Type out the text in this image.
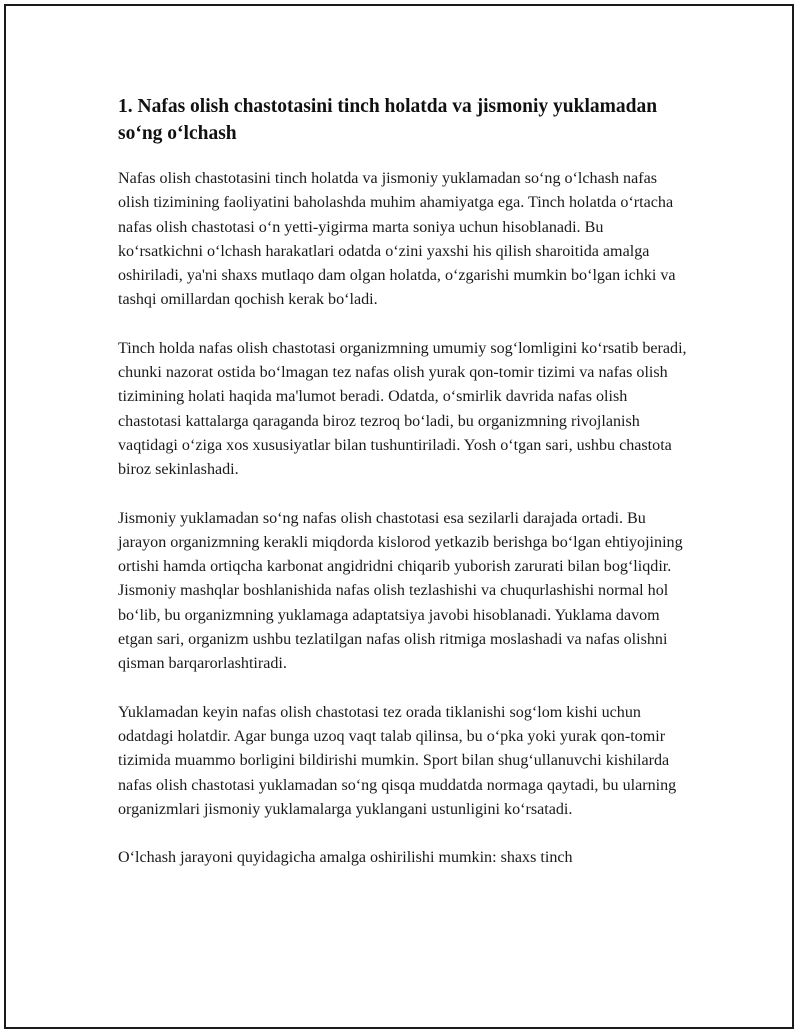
1. Nafas olish chastotasini tinch holatda va jismoniy yuklamadan soʻng oʻlchash

Nafas olish chastotasini tinch holatda va jismoniy yuklamadan soʻng oʻlchash nafas olish tizimining faoliyatini baholashda muhim ahamiyatga ega. Tinch holatda oʻrtacha nafas olish chastotasi oʻn yetti-yigirma marta soniya uchun hisoblanadi. Bu koʻrsatkichni oʻlchash harakatlari odatda oʻzini yaxshi his qilish sharoitida amalga oshiriladi, ya'ni shaxs mutlaqo dam olgan holatda, oʻzgarishi mumkin boʻlgan ichki va tashqi omillardan qochish kerak boʻladi.

Tinch holda nafas olish chastotasi organizmning umumiy sogʻlomligini koʻrsatib beradi, chunki nazorat ostida boʻlmagan tez nafas olish yurak qon-tomir tizimi va nafas olish tizimining holati haqida ma'lumot beradi. Odatda, oʻsmirlik davrida nafas olish chastotasi kattalarga qaraganda biroz tezroq boʻladi, bu organizmning rivojlanish vaqtidagi oʻziga xos xususiyatlar bilan tushuntiriladi. Yosh oʻtgan sari, ushbu chastota biroz sekinlashadi.

Jismoniy yuklamadan soʻng nafas olish chastotasi esa sezilarli darajada ortadi. Bu jarayon organizmning kerakli miqdorda kislorod yetkazib berishga boʻlgan ehtiyojining ortishi hamda ortiqcha karbonat angidridni chiqarib yuborish zarurati bilan bogʻliqdir. Jismoniy mashqlar boshlanishida nafas olish tezlashishi va chuqurlashishi normal hol boʻlib, bu organizmning yuklamaga adaptatsiya javobi hisoblanadi. Yuklama davom etgan sari, organizm ushbu tezlatilgan nafas olish ritmiga moslashadi va nafas olishni qisman barqarorlashtiradi.

Yuklamadan keyin nafas olish chastotasi tez orada tiklanishi sogʻlom kishi uchun odatdagi holatdir. Agar bunga uzoq vaqt talab qilinsa, bu oʻpka yoki yurak qon-tomir tizimida muammo borligini bildirishi mumkin. Sport bilan shugʻullanuvchi kishilarda nafas olish chastotasi yuklamadan soʻng qisqa muddatda normaga qaytadi, bu ularning organizmlari jismoniy yuklamalarga yuklangani ustunligini koʻrsatadi.

Oʻlchash jarayoni quyidagicha amalga oshirilishi mumkin: shaxs tinch
